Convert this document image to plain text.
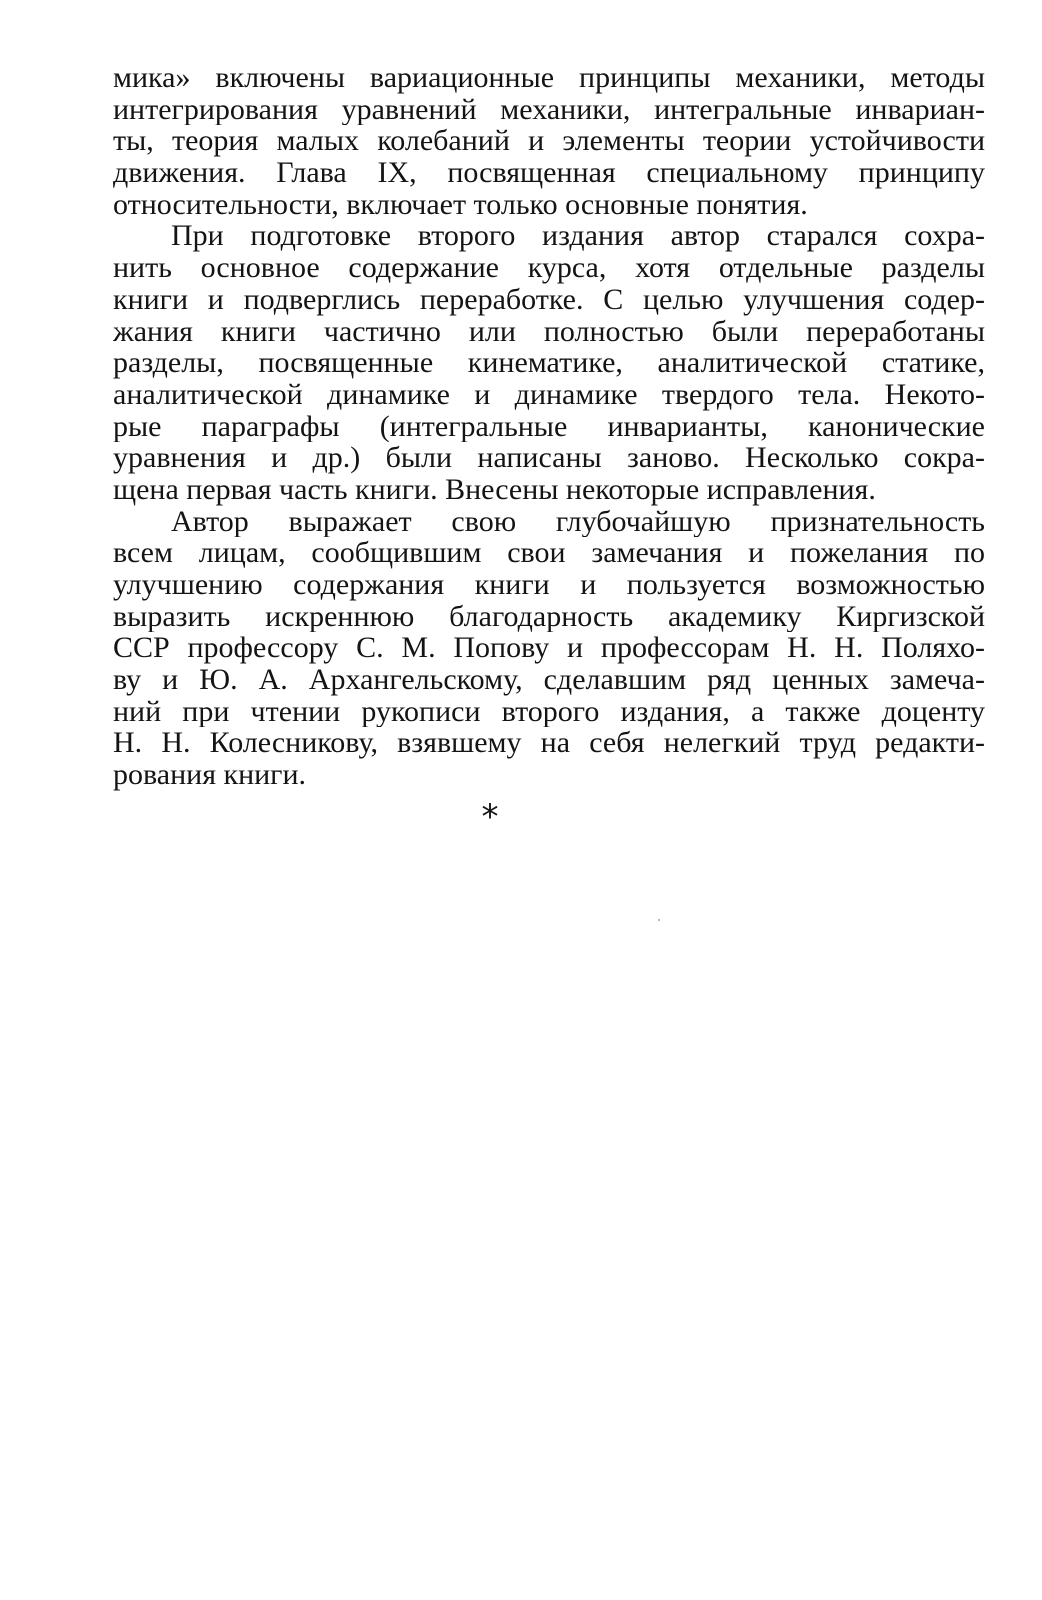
мика» включены вариационные принципы механики, методы
интегрирования уравнений механики, интегральные инвариан-
ты, теория малых колебаний и элементы теории устойчивости
движения. Глава IX, посвященная специальному принципу
относительности, включает только основные понятия.
При подготовке второго издания автор старался сохра-
нить основное содержание курса, хотя отдельные разделы
книги и подверглись переработке. С целью улучшения содер-
жания книги частично или полностью были переработаны
разделы, посвященные кинематике, аналитической статике,
аналитической динамике и динамике твердого тела. Некото-
рые параграфы (интегральные инварианты, канонические
уравнения и др.) были написаны заново. Несколько сокра-
щена первая часть книги. Внесены некоторые исправления.
Автор выражает свою глубочайшую признательность
всем лицам, сообщившим свои замечания и пожелания по
улучшению содержания книги и пользуется возможностью
выразить искреннюю благодарность академику Киргизской
ССР профессору С. М. Попову и профессорам Н. Н. Поляхо-
ву и Ю. А. Архангельскому, сделавшим ряд ценных замеча-
ний при чтении рукописи второго издания, а также доценту
Н. Н. Колесникову, взявшему на себя нелегкий труд редакти-
рования книги.
*
